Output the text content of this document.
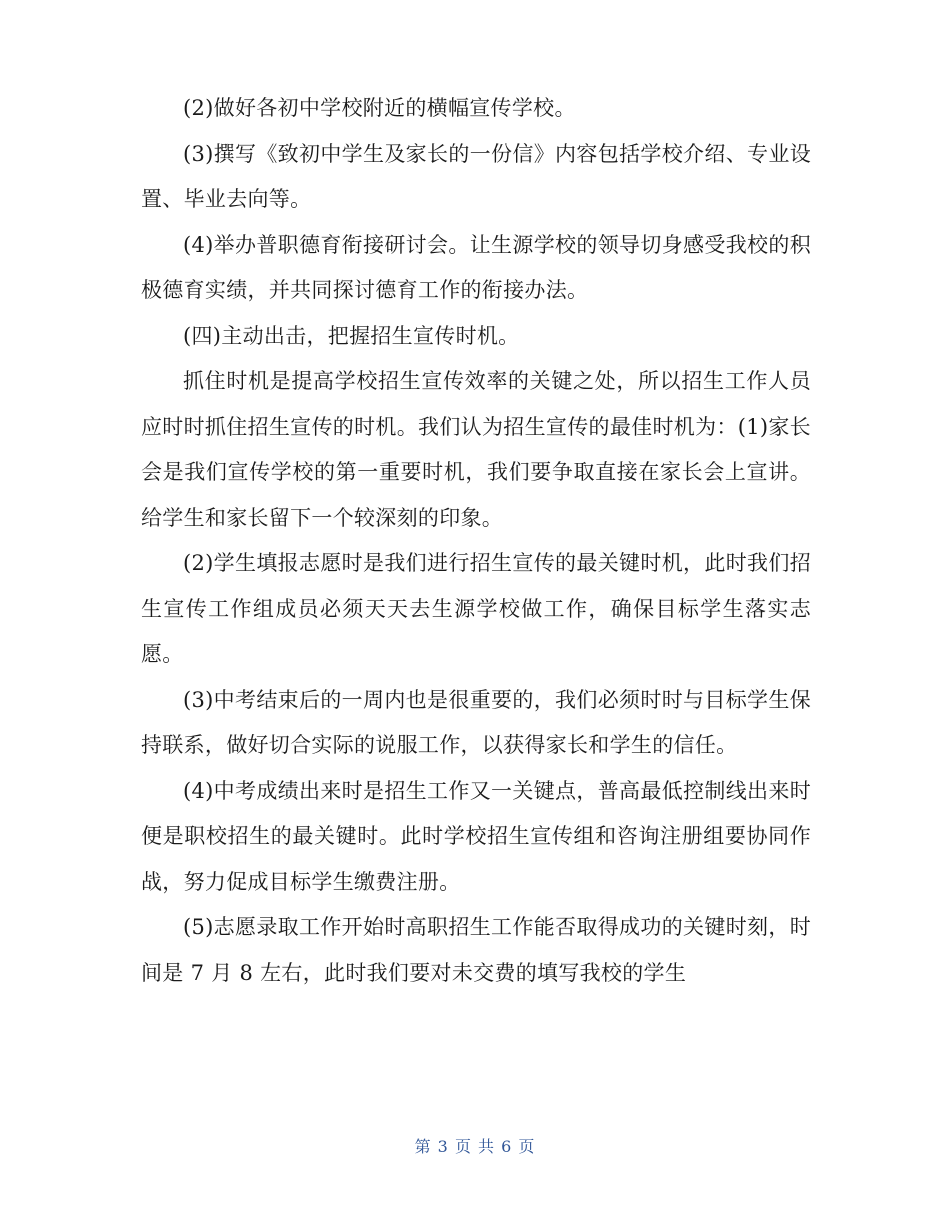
(2)做好各初中学校附近的横幅宣传学校。

(3)撰写《致初中学生及家长的一份信》内容包括学校介绍、专业设置、毕业去向等。

(4)举办普职德育衔接研讨会。让生源学校的领导切身感受我校的积极德育实绩，并共同探讨德育工作的衔接办法。

(四)主动出击，把握招生宣传时机。

抓住时机是提高学校招生宣传效率的关键之处，所以招生工作人员应时时抓住招生宣传的时机。我们认为招生宣传的最佳时机为：(1)家长会是我们宣传学校的第一重要时机，我们要争取直接在家长会上宣讲。给学生和家长留下一个较深刻的印象。

(2)学生填报志愿时是我们进行招生宣传的最关键时机，此时我们招生宣传工作组成员必须天天去生源学校做工作，确保目标学生落实志愿。

(3)中考结束后的一周内也是很重要的，我们必须时时与目标学生保持联系，做好切合实际的说服工作，以获得家长和学生的信任。

(4)中考成绩出来时是招生工作又一关键点，普高最低控制线出来时便是职校招生的最关键时。此时学校招生宣传组和咨询注册组要协同作战，努力促成目标学生缴费注册。

(5)志愿录取工作开始时高职招生工作能否取得成功的关键时刻，时间是 7 月 8 左右，此时我们要对未交费的填写我校的学生

第 3 页 共 6 页
